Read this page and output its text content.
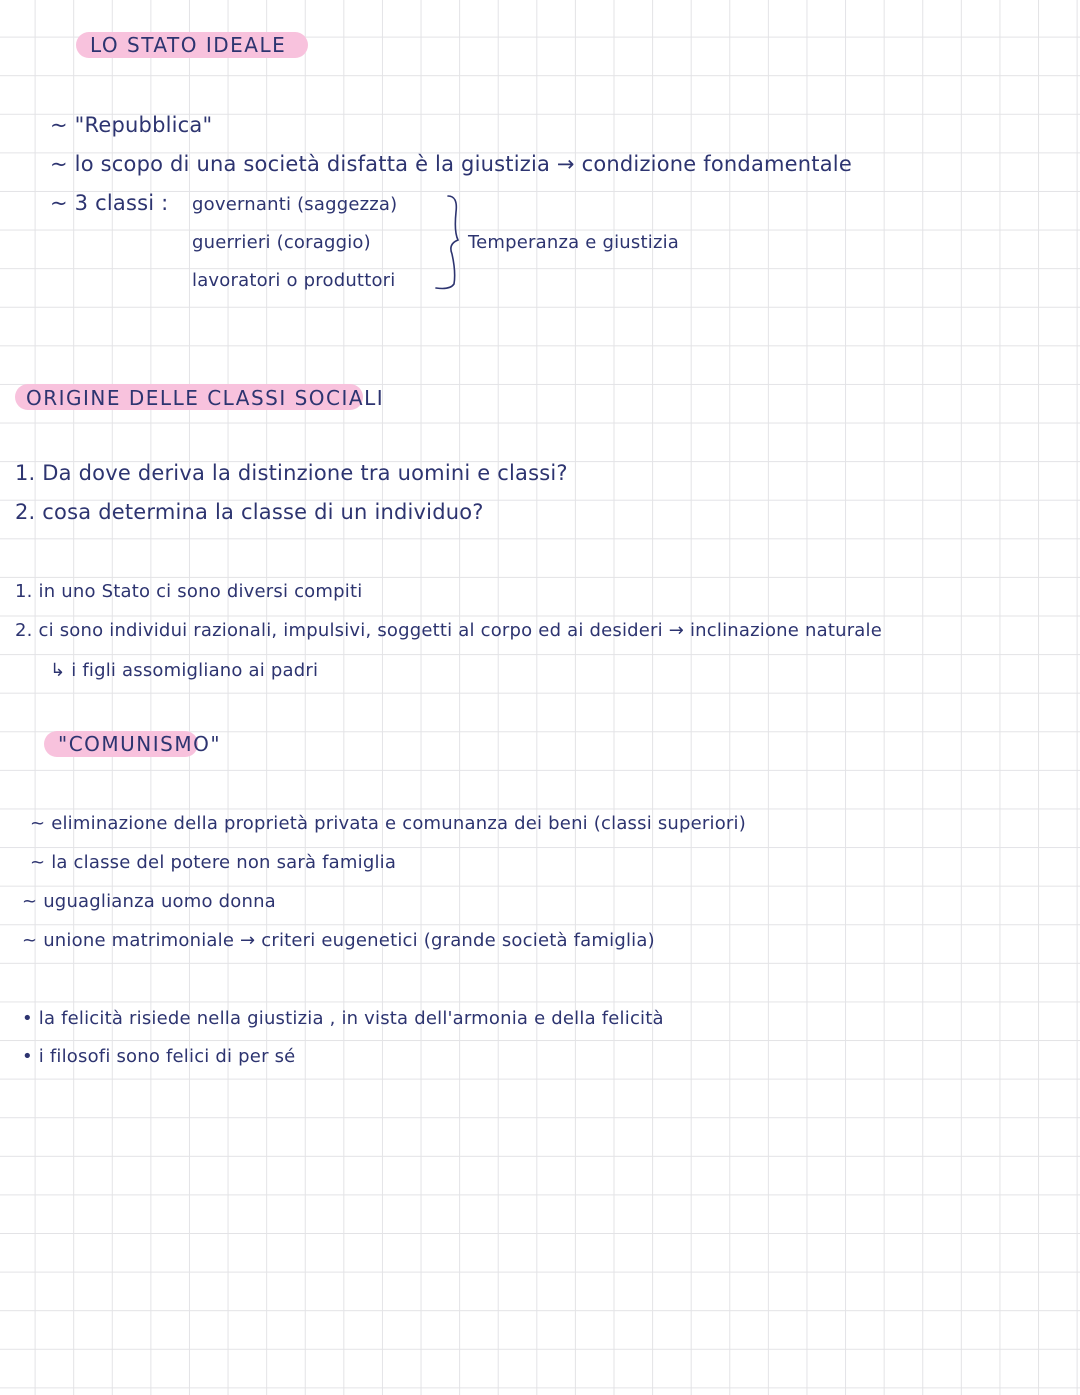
LO STATO IDEALE
~ "Repubblica"
~ lo scopo di una società disfatta è la giustizia → condizione fondamentale
~ 3 classi : governanti (saggezza)
guerrieri (coraggio)
lavoratori o produttori
Temperanza e giustizia
ORIGINE DELLE CLASSI SOCIALI
1. Da dove deriva la distinzione tra uomini e classi?
2. cosa determina la classe di un individuo?
1. in uno Stato ci sono diversi compiti
2. ci sono individui razionali, impulsivi, soggetti al corpo ed ai desideri → inclinazione naturale
↳ i figli assomigliano ai padri
"COMUNISMO"
~ eliminazione della proprietà privata e comunanza dei beni (classi superiori)
~ la classe del potere non sarà famiglia
~ uguaglianza uomo donna
~ unione matrimoniale → criteri eugenetici (grande società famiglia)
• la felicità risiede nella giustizia , in vista dell'armonia e della felicità
• i filosofi sono felici di per sé
